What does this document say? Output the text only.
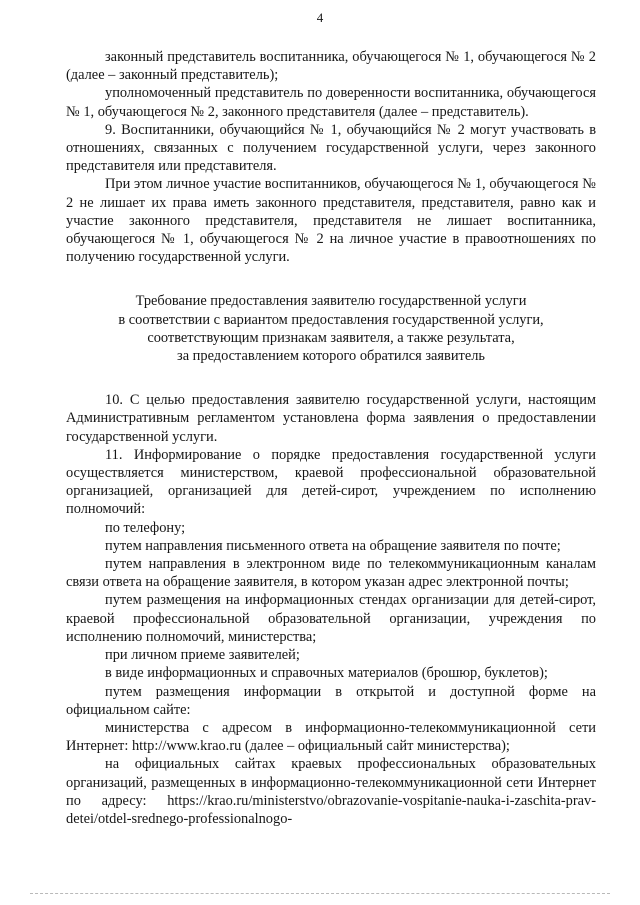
4

законный представитель воспитанника, обучающегося № 1, обучающегося № 2 (далее – законный представитель);

уполномоченный представитель по доверенности воспитанника, обучающегося № 1, обучающегося № 2, законного представителя (далее – представитель).

9. Воспитанники, обучающийся № 1, обучающийся № 2 могут участвовать в отношениях, связанных с получением государственной услуги, через законного представителя или представителя.

При этом личное участие воспитанников, обучающегося № 1, обучающегося № 2 не лишает их права иметь законного представителя, представителя, равно как и участие законного представителя, представителя не лишает воспитанника, обучающегося № 1, обучающегося № 2 на личное участие в правоотношениях по получению государственной услуги.

Требование предоставления заявителю государственной услуги
в соответствии с вариантом предоставления государственной услуги,
соответствующим признакам заявителя, а также результата,
за предоставлением которого обратился заявитель

10. С целью предоставления заявителю государственной услуги, настоящим Административным регламентом установлена форма заявления о предоставлении государственной услуги.

11. Информирование о порядке предоставления государственной услуги осуществляется министерством, краевой профессиональной образовательной организацией, организацией для детей-сирот, учреждением по исполнению полномочий:

по телефону;

путем направления письменного ответа на обращение заявителя по почте;

путем направления в электронном виде по телекоммуникационным каналам связи ответа на обращение заявителя, в котором указан адрес электронной почты;

путем размещения на информационных стендах организации для детей-сирот, краевой профессиональной образовательной организации, учреждения по исполнению полномочий, министерства;

при личном приеме заявителей;

в виде информационных и справочных материалов (брошюр, буклетов);

путем размещения информации в открытой и доступной форме на официальном сайте:

министерства с адресом в информационно-телекоммуникационной сети Интернет: http://www.krao.ru (далее – официальный сайт министерства);

на официальных сайтах краевых профессиональных образовательных организаций, размещенных в информационно-телекоммуникационной сети Интернет по адресу: https://krao.ru/ministerstvo/obrazovanie-vospitanie-nauka-i-zaschita-prav-detei/otdel-srednego-professionalnogo-
